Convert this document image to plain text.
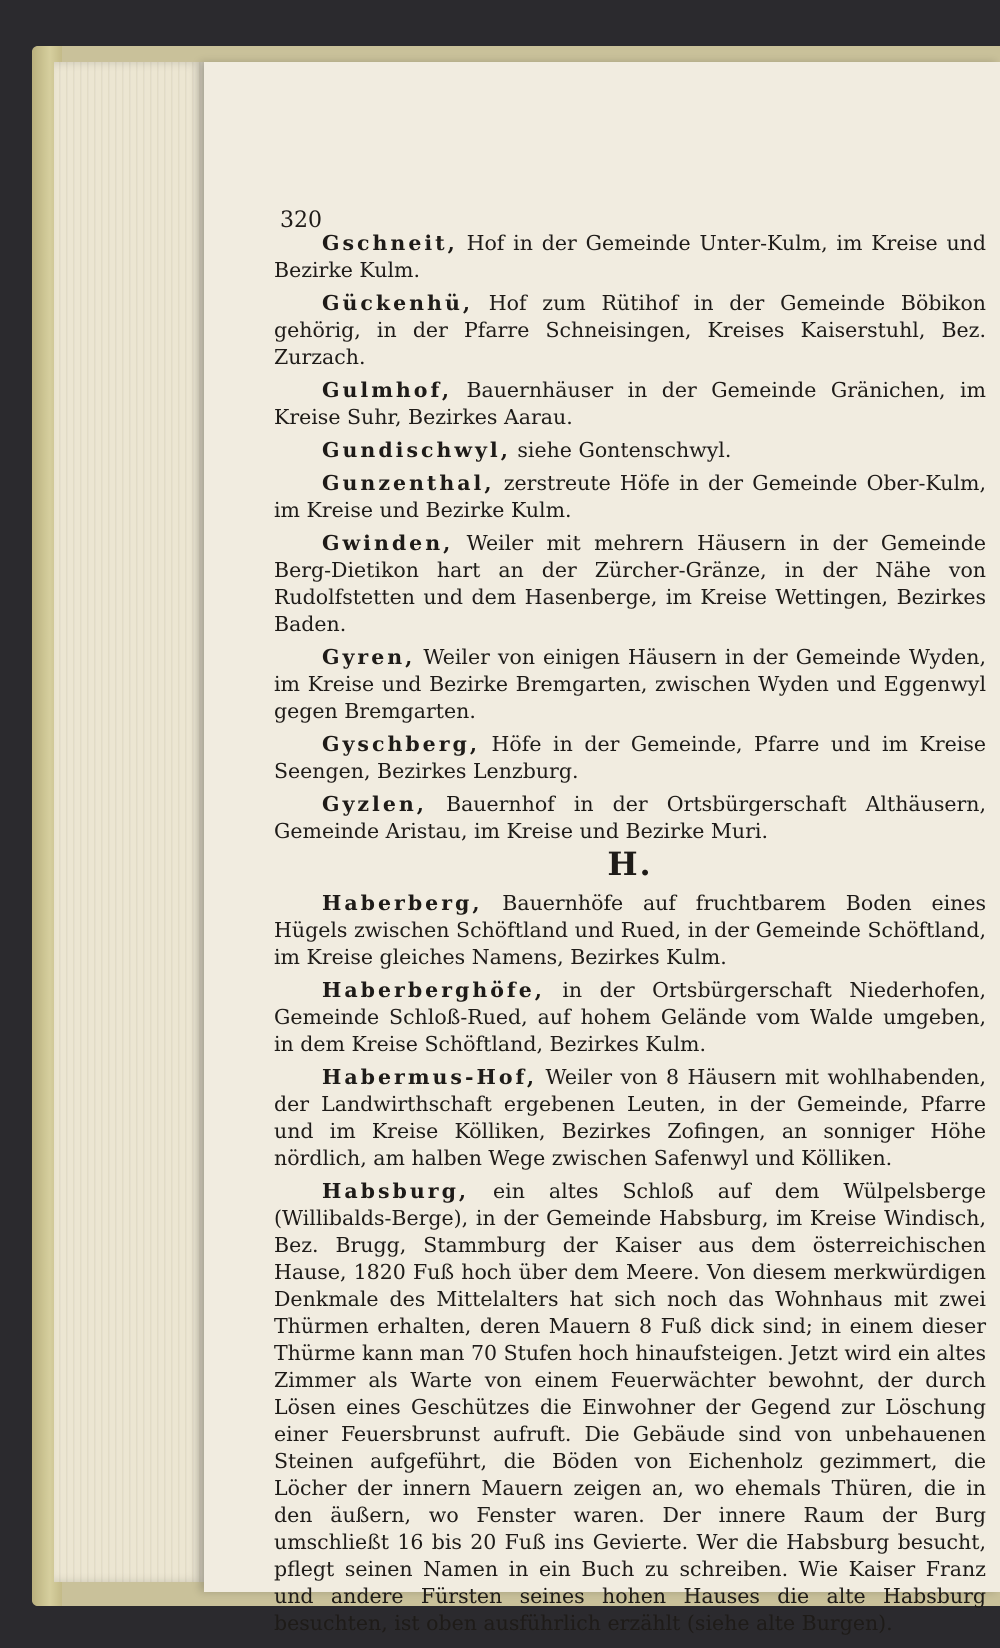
320

Gschneit, Hof in der Gemeinde Unter-Kulm, im Kreise und Bezirke Kulm.

Gückenhü, Hof zum Rütihof in der Gemeinde Böbikon gehörig, in der Pfarre Schneisingen, Kreises Kaiserstuhl, Bez. Zurzach.

Gulmhof, Bauernhäuser in der Gemeinde Gränichen, im Kreise Suhr, Bezirkes Aarau.

Gundischwyl, siehe Gontenschwyl.

Gunzenthal, zerstreute Höfe in der Gemeinde Ober-Kulm, im Kreise und Bezirke Kulm.

Gwinden, Weiler mit mehrern Häusern in der Gemeinde Berg-Dietikon hart an der Zürcher-Gränze, in der Nähe von Rudolfstetten und dem Hasenberge, im Kreise Wettingen, Bezirkes Baden.

Gyren, Weiler von einigen Häusern in der Gemeinde Wyden, im Kreise und Bezirke Bremgarten, zwischen Wyden und Eggenwyl gegen Bremgarten.

Gyschberg, Höfe in der Gemeinde, Pfarre und im Kreise Seengen, Bezirkes Lenzburg.

Gyzlen, Bauernhof in der Ortsbürgerschaft Althäusern, Gemeinde Aristau, im Kreise und Bezirke Muri.

H.

Haberberg, Bauernhöfe auf fruchtbarem Boden eines Hügels zwischen Schöftland und Rued, in der Gemeinde Schöftland, im Kreise gleiches Namens, Bezirkes Kulm.

Haberberghöfe, in der Ortsbürgerschaft Niederhofen, Gemeinde Schloß-Rued, auf hohem Gelände vom Walde umgeben, in dem Kreise Schöftland, Bezirkes Kulm.

Habermus-Hof, Weiler von 8 Häusern mit wohlhabenden, der Landwirthschaft ergebenen Leuten, in der Gemeinde, Pfarre und im Kreise Kölliken, Bezirkes Zofingen, an sonniger Höhe nördlich, am halben Wege zwischen Safenwyl und Kölliken.

Habsburg, ein altes Schloß auf dem Wülpelsberge (Willibalds-Berge), in der Gemeinde Habsburg, im Kreise Windisch, Bez. Brugg, Stammburg der Kaiser aus dem österreichischen Hause, 1820 Fuß hoch über dem Meere. Von diesem merkwürdigen Denkmale des Mittelalters hat sich noch das Wohnhaus mit zwei Thürmen erhalten, deren Mauern 8 Fuß dick sind; in einem dieser Thürme kann man 70 Stufen hoch hinaufsteigen. Jetzt wird ein altes Zimmer als Warte von einem Feuerwächter bewohnt, der durch Lösen eines Geschützes die Einwohner der Gegend zur Löschung einer Feuersbrunst aufruft. Die Gebäude sind von unbehauenen Steinen aufgeführt, die Böden von Eichenholz gezimmert, die Löcher der innern Mauern zeigen an, wo ehemals Thüren, die in den äußern, wo Fenster waren. Der innere Raum der Burg umschließt 16 bis 20 Fuß ins Gevierte. Wer die Habsburg besucht, pflegt seinen Namen in ein Buch zu schreiben. Wie Kaiser Franz und andere Fürsten seines hohen Hauses die alte Habsburg besuchten, ist oben ausführlich erzählt (siehe alte Burgen).
